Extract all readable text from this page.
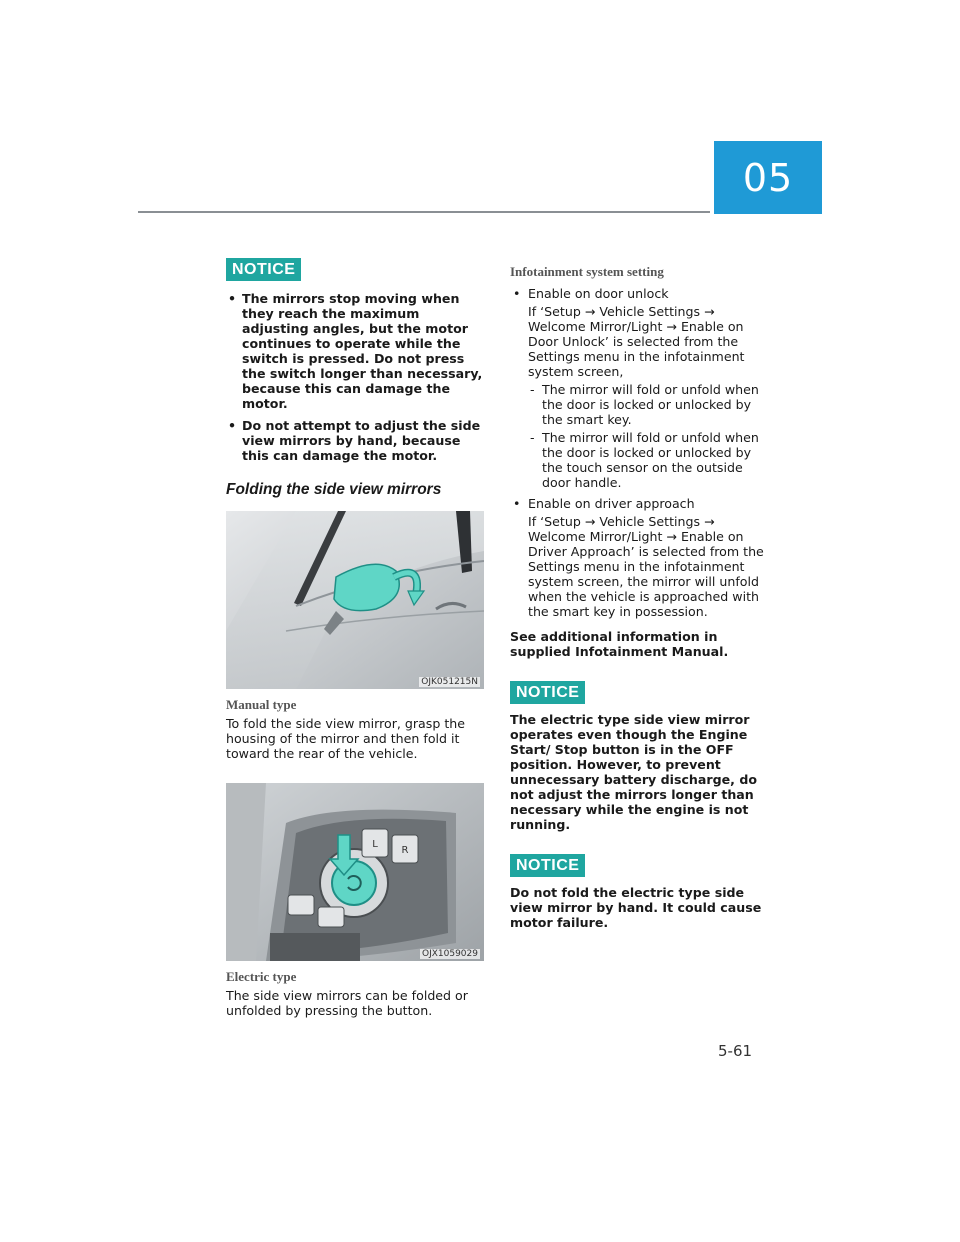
05
NOTICE
• The mirrors stop moving when they reach the maximum adjusting angles, but the motor continues to operate while the switch is pressed. Do not press the switch longer than necessary, because this can damage the motor.
• Do not attempt to adjust the side view mirrors by hand, because this can damage the motor.
Folding the side view mirrors
OJK051215N
Manual type

To fold the side view mirror, grasp the housing of the mirror and then fold it toward the rear of the vehicle.

L
R
OJX1059029
Electric type

The side view mirrors can be folded or unfolded by pressing the button.

Infotainment system setting
• Enable on door unlock
If ‘Setup → Vehicle Settings → Welcome Mirror/Light → Enable on Door Unlock’ is selected from the Settings menu in the infotainment system screen,
- The mirror will fold or unfold when the door is locked or unlocked by the smart key.
- The mirror will fold or unfold when the door is locked or unlocked by the touch sensor on the outside door handle.
• Enable on driver approach
If ‘Setup → Vehicle Settings → Welcome Mirror/Light → Enable on Driver Approach’ is selected from the Settings menu in the infotainment system screen, the mirror will unfold when the vehicle is approached with the smart key in possession.

See additional information in supplied Infotainment Manual.

NOTICE

The electric type side view mirror operates even though the Engine Start/ Stop button is in the OFF position. However, to prevent unnecessary battery discharge, do not adjust the mirrors longer than necessary while the engine is not running.

NOTICE

Do not fold the electric type side view mirror by hand. It could cause motor failure.

5-61
